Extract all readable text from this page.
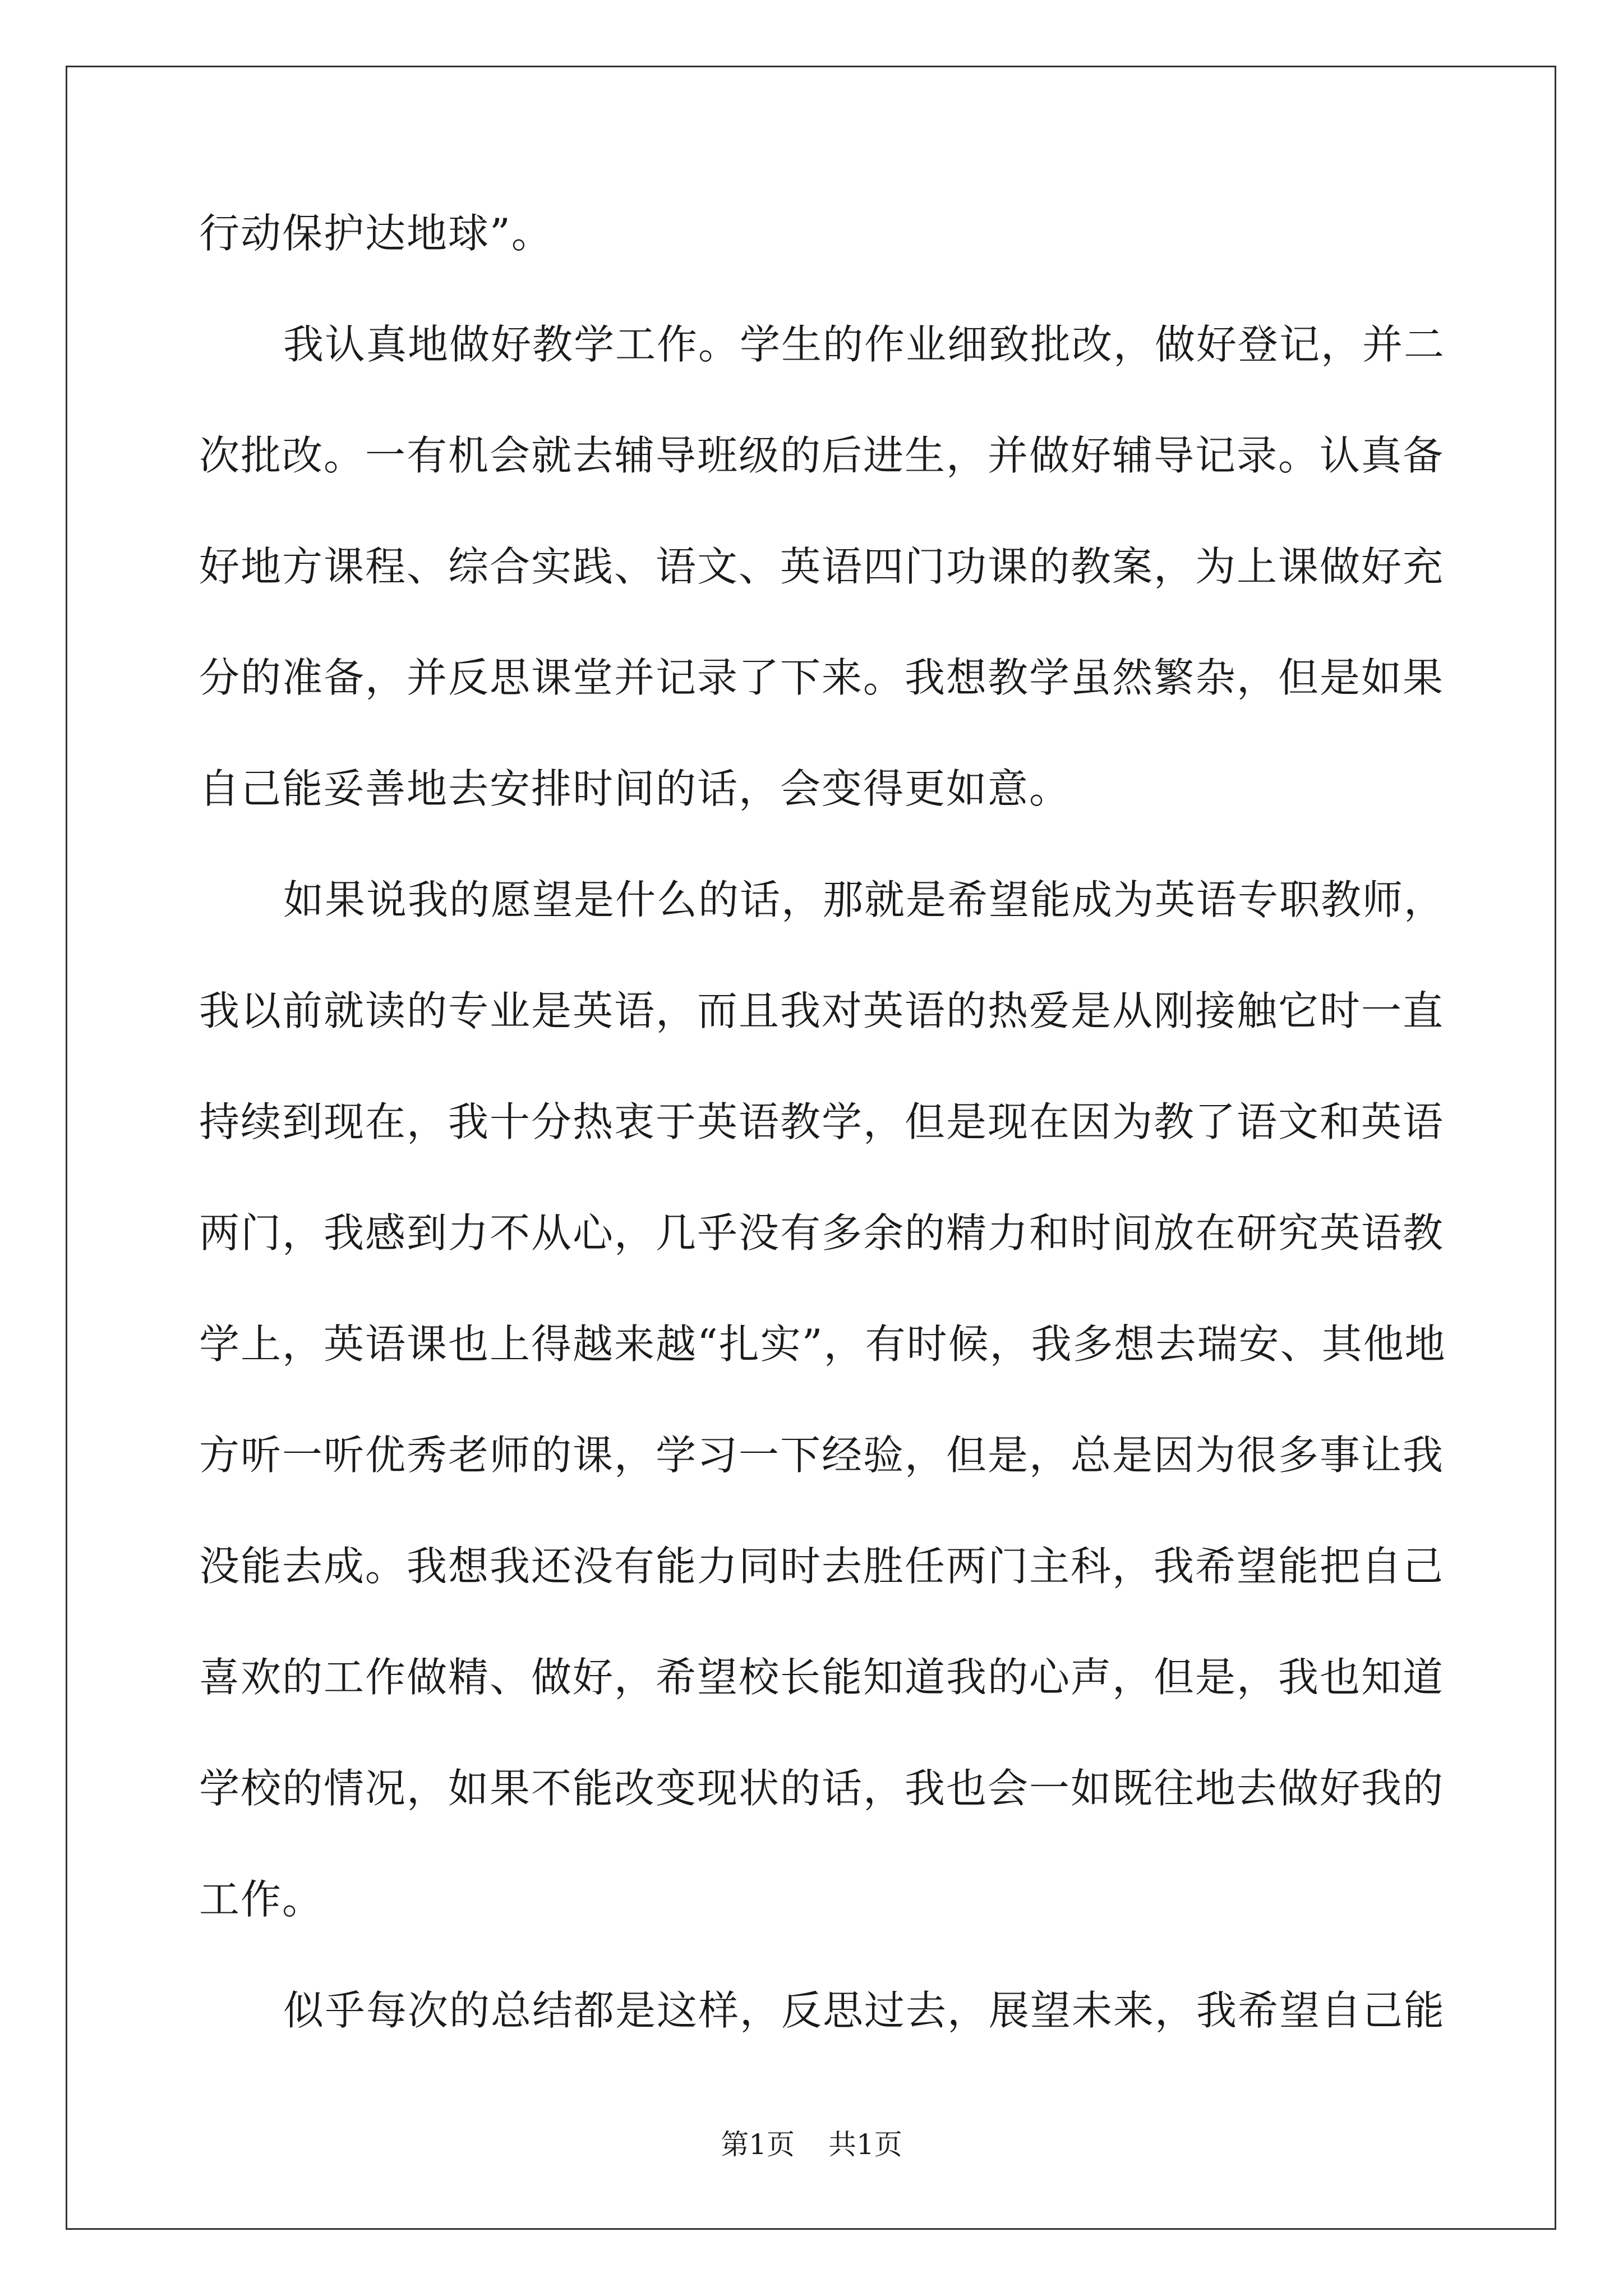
行动保护达地球”。
我认真地做好教学工作。学生的作业细致批改，做好登记，并二
次批改。一有机会就去辅导班级的后进生，并做好辅导记录。认真备
好地方课程、综合实践、语文、英语四门功课的教案，为上课做好充
分的准备，并反思课堂并记录了下来。我想教学虽然繁杂，但是如果
自己能妥善地去安排时间的话，会变得更如意。
如果说我的愿望是什么的话，那就是希望能成为英语专职教师，
我以前就读的专业是英语，而且我对英语的热爱是从刚接触它时一直
持续到现在，我十分热衷于英语教学，但是现在因为教了语文和英语
两门，我感到力不从心，几乎没有多余的精力和时间放在研究英语教
学上，英语课也上得越来越“扎实”，有时候，我多想去瑞安、其他地
方听一听优秀老师的课，学习一下经验，但是，总是因为很多事让我
没能去成。我想我还没有能力同时去胜任两门主科，我希望能把自己
喜欢的工作做精、做好，希望校长能知道我的心声，但是，我也知道
学校的情况，如果不能改变现状的话，我也会一如既往地去做好我的
工作。
似乎每次的总结都是这样，反思过去，展望未来，我希望自己能
第1页 共1页
